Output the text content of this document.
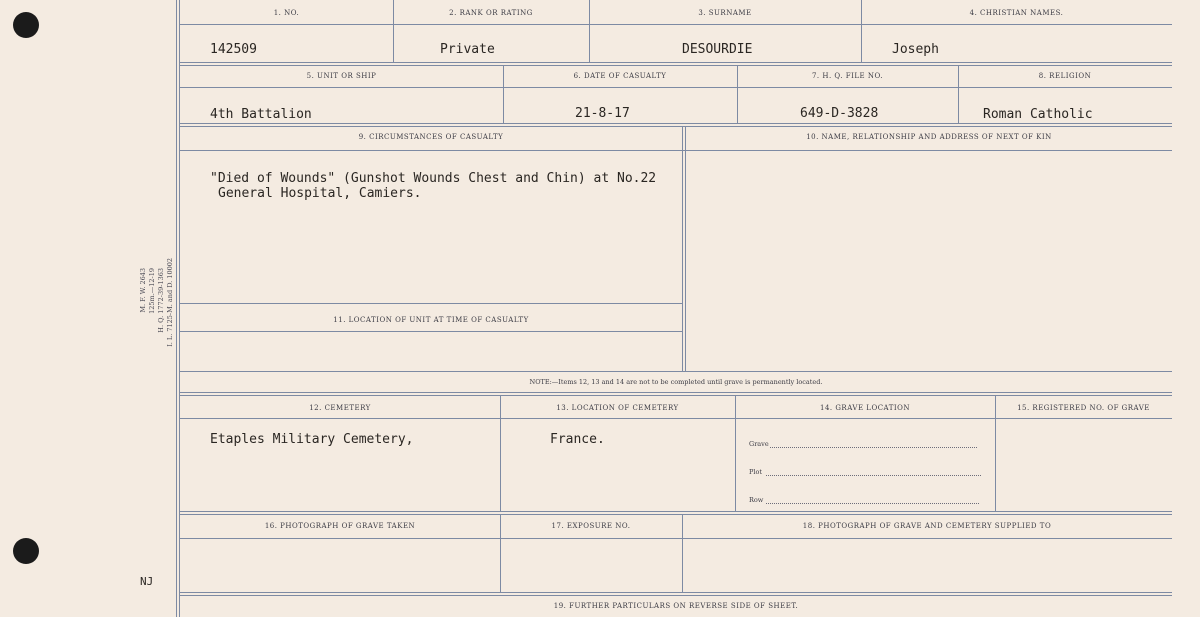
M. F. W. 2643 125m.—12-19 H. Q. 1772-39-1363 I. L. 7125-M. and D. 10002
NJ
1. NO.	2. RANK OR RATING	3. SURNAME	4. CHRISTIAN NAMES.
142509	Private	DESOURDIE	Joseph
5. UNIT OR SHIP	6. DATE OF CASUALTY	7. H. Q. FILE NO.	8. RELIGION
4th Battalion	21-8-17	649-D-3828	Roman Catholic
9. CIRCUMSTANCES OF CASUALTY	10. NAME, RELATIONSHIP AND ADDRESS OF NEXT OF KIN
"Died of Wounds" (Gunshot Wounds Chest and Chin) at No.22
General Hospital, Camiers.
11. LOCATION OF UNIT AT TIME OF CASUALTY
NOTE:—Items 12, 13 and 14 are not to be completed until grave is permanently located.
12. CEMETERY	13. LOCATION OF CEMETERY	14. GRAVE LOCATION	15. REGISTERED NO. OF GRAVE
Etaples Military Cemetery,	France.	Grave
Plot
Row
16. PHOTOGRAPH OF GRAVE TAKEN	17. EXPOSURE NO.	18. PHOTOGRAPH OF GRAVE AND CEMETERY SUPPLIED TO
19. FURTHER PARTICULARS ON REVERSE SIDE OF SHEET.
